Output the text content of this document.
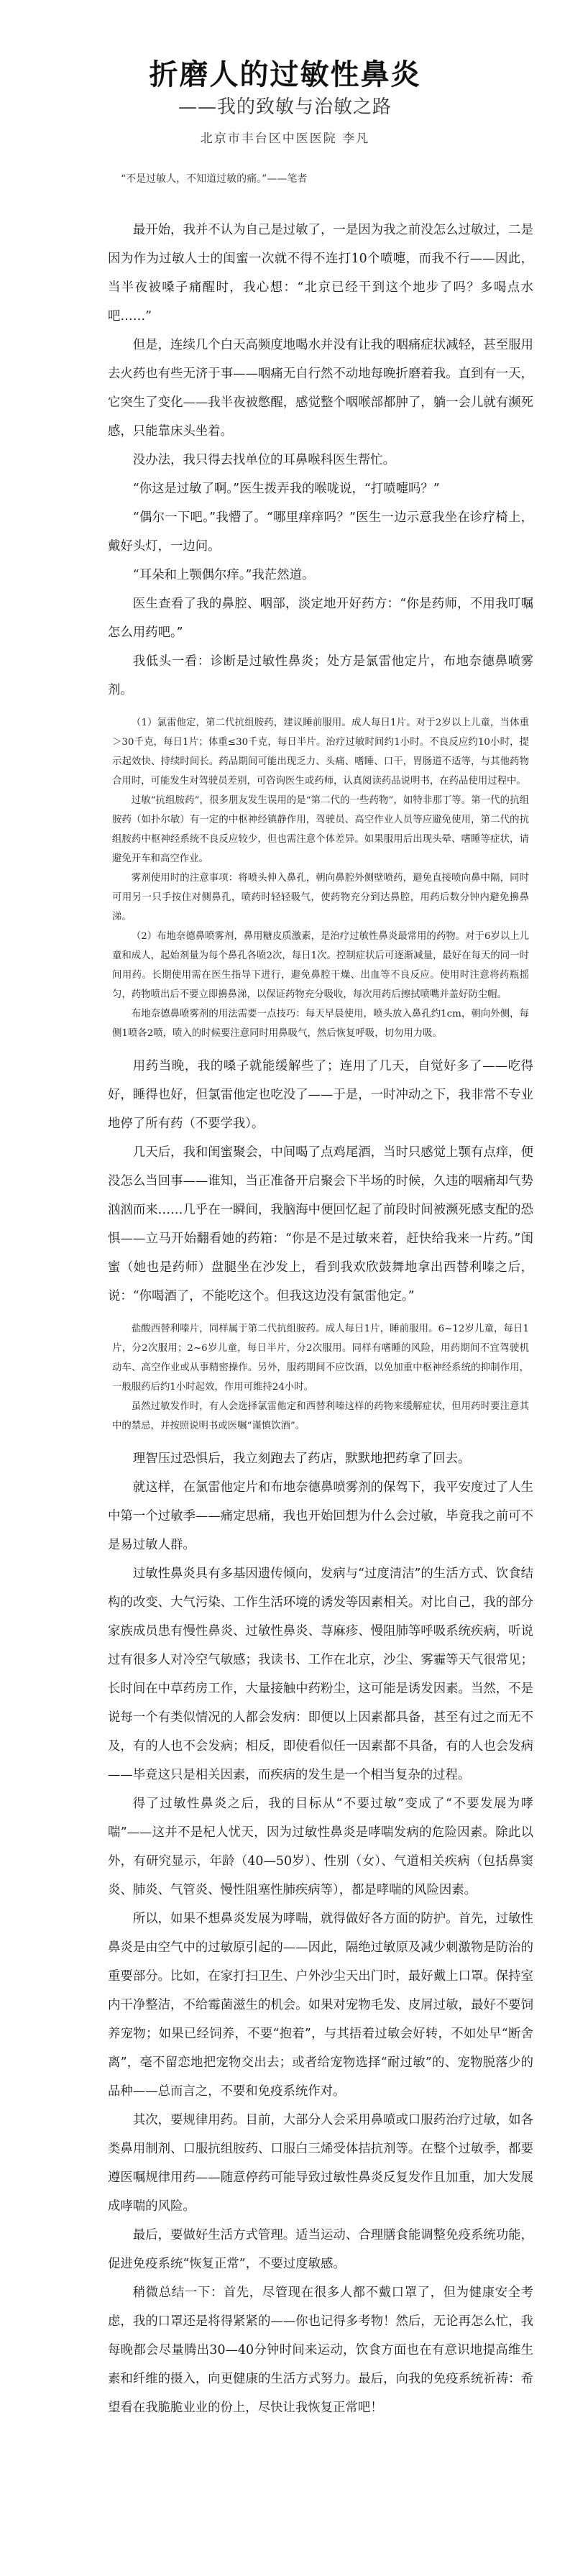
折磨人的过敏性鼻炎
——我的致敏与治敏之路
北京市丰台区中医医院 李凡
“不是过敏人，不知道过敏的痛。”——笔者

最开始，我并不认为自己是过敏了，一是因为我之前没怎么过敏过，二是因为作为过敏人士的闺蜜一次就不得不连打10个喷嚏，而我不行——因此，当半夜被嗓子痛醒时，我心想：“北京已经干到这个地步了吗？多喝点水吧……”

但是，连续几个白天高频度地喝水并没有让我的咽痛症状减轻，甚至服用去火药也有些无济于事——咽痛无自行然不动地每晚折磨着我。直到有一天，它突生了变化——我半夜被憋醒，感觉整个咽喉部都肿了，躺一会儿就有濒死感，只能靠床头坐着。

没办法，我只得去找单位的耳鼻喉科医生帮忙。

“你这是过敏了啊。”医生拨弄我的喉咙说，“打喷嚏吗？”

“偶尔一下吧。”我懵了。“哪里痒痒吗？”医生一边示意我坐在诊疗椅上，戴好头灯，一边问。

“耳朵和上颚偶尔痒。”我茫然道。

医生查看了我的鼻腔、咽部，淡定地开好药方：“你是药师，不用我叮嘱怎么用药吧。”

我低头一看：诊断是过敏性鼻炎；处方是氯雷他定片，布地奈德鼻喷雾剂。

（1）氯雷他定，第二代抗组胺药，建议睡前服用。成人每日1片。对于2岁以上儿童，当体重＞30千克，每日1片；体重≤30千克，每日半片。治疗过敏时间约1小时。不良反应约10小时，提示起效快、持续时间长。药品期间可能出现乏力、头痛、嗜睡、口干，胃肠道不适等，与其他药物合用时，可能发生对驾驶员差别，可咨询医生或药师，认真阅读药品说明书，在药品使用过程中。

过敏“抗组胺药”，很多朋友发生误用的是“第二代的一些药物”，如特非那丁等。第一代的抗组胺药（如扑尔敏）有一定的中枢神经镇静作用，驾驶员、高空作业人员等应避免使用，第二代的抗组胺药中枢神经系统不良反应较少，但也需注意个体差异。如果服用后出现头晕、嗜睡等症状，请避免开车和高空作业。

雾剂使用时的注意事项：将喷头伸入鼻孔，朝向鼻腔外侧壁喷药，避免直接喷向鼻中隔，同时可用另一只手按住对侧鼻孔，喷药时轻轻吸气，使药物充分到达鼻腔，用药后数分钟内避免擤鼻涕。

（2）布地奈德鼻喷雾剂，鼻用糖皮质激素，是治疗过敏性鼻炎最常用的药物。对于6岁以上儿童和成人，起始剂量为每个鼻孔各喷2次，每日1次。控制症状后可逐渐减量，最好在每天的同一时间用药。长期使用需在医生指导下进行，避免鼻腔干燥、出血等不良反应。使用时注意将药瓶摇匀，药物喷出后不要立即擤鼻涕，以保证药物充分吸收，每次用药后擦拭喷嘴并盖好防尘帽。

布地奈德鼻喷雾剂的用法需要一点技巧：每天早晨使用，喷头放入鼻孔约1cm，朝向外侧，每侧1喷各2喷，喷入的时候要注意同时用鼻吸气，然后恢复呼吸，切勿用力吸。

用药当晚，我的嗓子就能缓解些了；连用了几天，自觉好多了——吃得好，睡得也好，但氯雷他定也吃没了——于是，一时冲动之下，我非常不专业地停了所有药（不要学我）。

几天后，我和闺蜜聚会，中间喝了点鸡尾酒，当时只感觉上颚有点痒，便没怎么当回事——谁知，当正准备开启聚会下半场的时候，久违的咽痛却气势汹汹而来……几乎在一瞬间，我脑海中便回忆起了前段时间被濒死感支配的恐惧——立马开始翻看她的药箱：“你是不是过敏来着，赶快给我来一片药。”闺蜜（她也是药师）盘腿坐在沙发上，看到我欢欣鼓舞地拿出西替利嗪之后，说：“你喝酒了，不能吃这个。但我这边没有氯雷他定。”

盐酸西替利嗪片，同样属于第二代抗组胺药。成人每日1片，睡前服用。6~12岁儿童，每日1片，分2次服用；2~6岁儿童，每日半片，分2次服用。同样有嗜睡的风险，用药期间不宜驾驶机动车、高空作业或从事精密操作。另外，服药期间不应饮酒，以免加重中枢神经系统的抑制作用，一般服药后约1小时起效，作用可维持24小时。

虽然过敏发作时，有人会选择氯雷他定和西替利嗪这样的药物来缓解症状，但用药时要注意其中的禁忌，并按照说明书或医嘱“谨慎饮酒”。

理智压过恐惧后，我立刻跑去了药店，默默地把药拿了回去。

就这样，在氯雷他定片和布地奈德鼻喷雾剂的保驾下，我平安度过了人生中第一个过敏季——痛定思痛，我也开始回想为什么会过敏，毕竟我之前可不是易过敏人群。

过敏性鼻炎具有多基因遗传倾向，发病与“过度清洁”的生活方式、饮食结构的改变、大气污染、工作生活环境的诱发等因素相关。对比自己，我的部分家族成员患有慢性鼻炎、过敏性鼻炎、荨麻疹、慢阻肺等呼吸系统疾病，听说过有很多人对冷空气敏感；我读书、工作在北京，沙尘、雾霾等天气很常见；长时间在中草药房工作，大量接触中药粉尘，这可能是诱发因素。当然，不是说每一个有类似情况的人都会发病：即便以上因素都具备，甚至有过之而无不及，有的人也不会发病；相反，即使看似任一因素都不具备，有的人也会发病——毕竟这只是相关因素，而疾病的发生是一个相当复杂的过程。

得了过敏性鼻炎之后，我的目标从“不要过敏”变成了“不要发展为哮喘”——这并不是杞人忧天，因为过敏性鼻炎是哮喘发病的危险因素。除此以外，有研究显示，年龄（40—50岁）、性别（女）、气道相关疾病（包括鼻窦炎、肺炎、气管炎、慢性阻塞性肺疾病等），都是哮喘的风险因素。

所以，如果不想鼻炎发展为哮喘，就得做好各方面的防护。首先，过敏性鼻炎是由空气中的过敏原引起的——因此，隔绝过敏原及减少刺激物是防治的重要部分。比如，在家打扫卫生、户外沙尘天出门时，最好戴上口罩。保持室内干净整洁，不给霉菌滋生的机会。如果对宠物毛发、皮屑过敏，最好不要饲养宠物；如果已经饲养，不要“抱着”，与其捂着过敏会好转，不如处早“断舍离”，毫不留恋地把宠物交出去；或者给宠物选择“耐过敏”的、宠物脱落少的品种——总而言之，不要和免疫系统作对。

其次，要规律用药。目前，大部分人会采用鼻喷或口服药治疗过敏，如各类鼻用制剂、口服抗组胺药、口服白三烯受体拮抗剂等。在整个过敏季，都要遵医嘱规律用药——随意停药可能导致过敏性鼻炎反复发作且加重，加大发展成哮喘的风险。

最后，要做好生活方式管理。适当运动、合理膳食能调整免疫系统功能，促进免疫系统“恢复正常”，不要过度敏感。

稍微总结一下：首先，尽管现在很多人都不戴口罩了，但为健康安全考虑，我的口罩还是将得紧紧的——你也记得多考物！然后，无论再怎么忙，我每晚都会尽量腾出30—40分钟时间来运动，饮食方面也在有意识地提高维生素和纤维的摄入，向更健康的生活方式努力。最后，向我的免疫系统祈祷：希望看在我脆脆业业的份上，尽快让我恢复正常吧！
